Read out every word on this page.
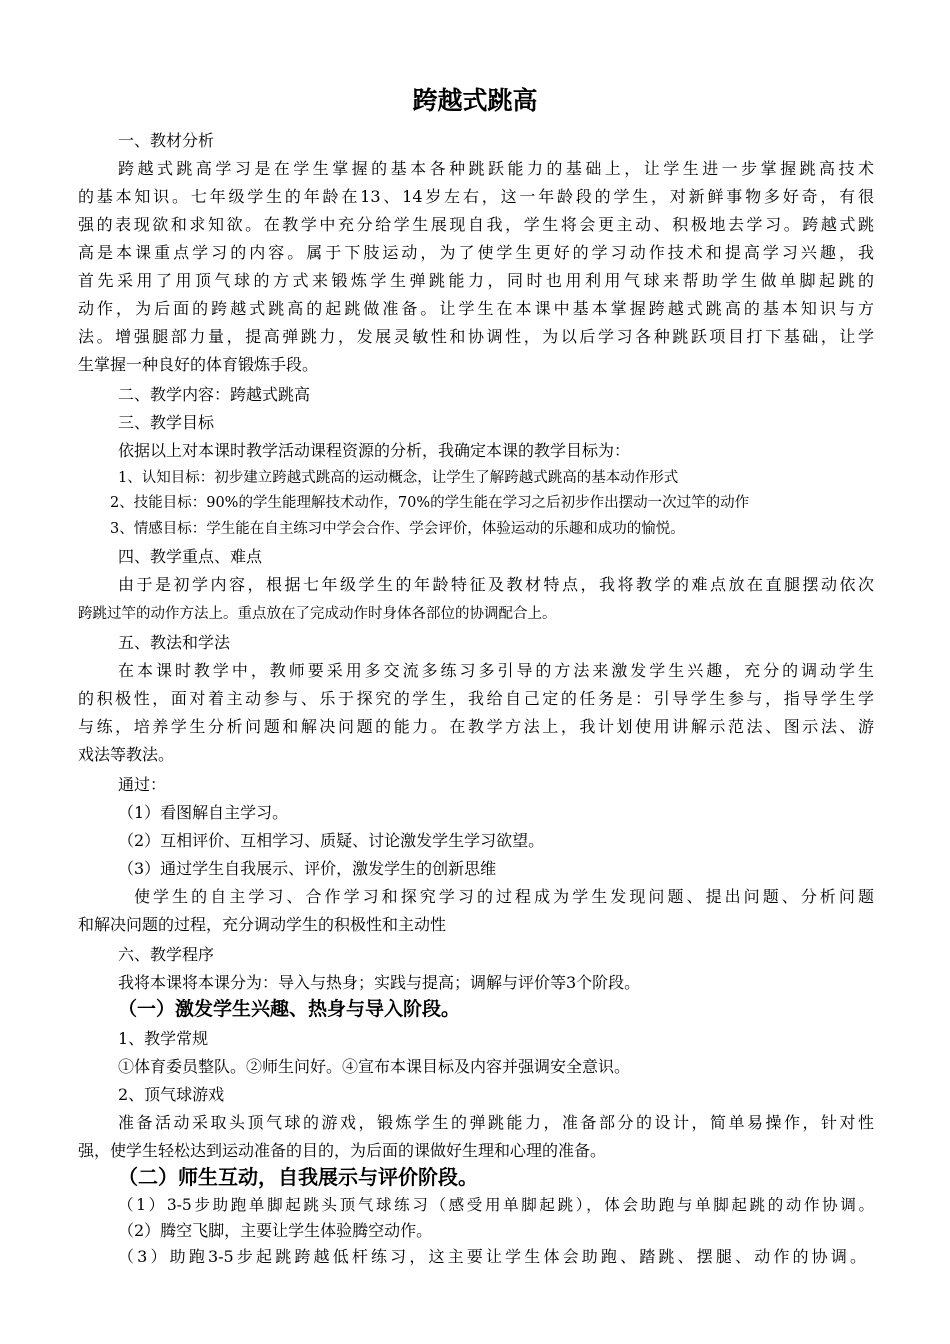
跨越式跳高
一、教材分析
跨越式跳高学习是在学生掌握的基本各种跳跃能力的基础上，让学生进一步掌握跳高技术
的基本知识。七年级学生的年龄在13、14岁左右，这一年龄段的学生，对新鲜事物多好奇，有很
强的表现欲和求知欲。在教学中充分给学生展现自我，学生将会更主动、积极地去学习。跨越式跳
高是本课重点学习的内容。属于下肢运动，为了使学生更好的学习动作技术和提高学习兴趣，我
首先采用了用顶气球的方式来锻炼学生弹跳能力，同时也用利用气球来帮助学生做单脚起跳的
动作，为后面的跨越式跳高的起跳做准备。让学生在本课中基本掌握跨越式跳高的基本知识与方
法。增强腿部力量，提高弹跳力，发展灵敏性和协调性，为以后学习各种跳跃项目打下基础，让学
生掌握一种良好的体育锻炼手段。
二、教学内容：跨越式跳高
三、教学目标
依据以上对本课时教学活动课程资源的分析，我确定本课的教学目标为：
1、认知目标：初步建立跨越式跳高的运动概念，让学生了解跨越式跳高的基本动作形式
2、技能目标：90%的学生能理解技术动作，70%的学生能在学习之后初步作出摆动一次过竿的动作
3、情感目标：学生能在自主练习中学会合作、学会评价，体验运动的乐趣和成功的愉悦。
四、教学重点、难点
由于是初学内容，根据七年级学生的年龄特征及教材特点，我将教学的难点放在直腿摆动依次
跨跳过竿的动作方法上。重点放在了完成动作时身体各部位的协调配合上。
五、教法和学法
在本课时教学中，教师要采用多交流多练习多引导的方法来激发学生兴趣，充分的调动学生
的积极性，面对着主动参与、乐于探究的学生，我给自己定的任务是：引导学生参与，指导学生学
与练，培养学生分析问题和解决问题的能力。在教学方法上，我计划使用讲解示范法、图示法、游
戏法等教法。
通过：
（1）看图解自主学习。
（2）互相评价、互相学习、质疑、讨论激发学生学习欲望。
（3）通过学生自我展示、评价，激发学生的创新思维
使学生的自主学习、合作学习和探究学习的过程成为学生发现问题、提出问题、分析问题
和解决问题的过程，充分调动学生的积极性和主动性
六、教学程序
我将本课将本课分为：导入与热身；实践与提高；调解与评价等3个阶段。
（一）激发学生兴趣、热身与导入阶段。
1、教学常规
①体育委员整队。②师生问好。④宣布本课目标及内容并强调安全意识。
2、顶气球游戏
准备活动采取头顶气球的游戏，锻炼学生的弹跳能力，准备部分的设计，简单易操作，针对性
强，使学生轻松达到运动准备的目的，为后面的课做好生理和心理的准备。
（二）师生互动，自我展示与评价阶段。
（1）3-5步助跑单脚起跳头顶气球练习（感受用单脚起跳），体会助跑与单脚起跳的动作协调。
（2）腾空飞脚，主要让学生体验腾空动作。
（3）助跑3-5步起跳跨越低杆练习，这主要让学生体会助跑、踏跳、摆腿、动作的协调。
